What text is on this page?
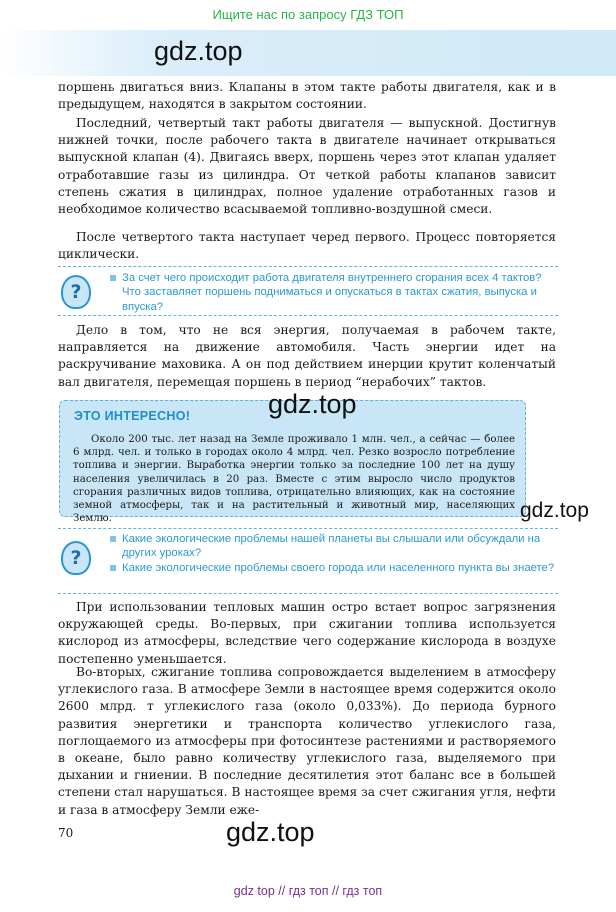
Ищите нас по запросу ГДЗ ТОП
gdz.top

поршень двигаться вниз. Клапаны в этом такте работы двигателя, как и в предыдущем, находятся в закрытом состоянии.

Последний, четвертый такт работы двигателя — выпускной. Достигнув нижней точки, после рабочего такта в двигателе начинает открываться выпускной клапан (4). Двигаясь вверх, поршень через этот клапан удаляет отработавшие газы из цилиндра. От четкой работы клапанов зависит степень сжатия в цилиндрах, полное удаление отработанных газов и необходимое количество всасываемой топливно-воздушной смеси.

После четвертого такта наступает черед первого. Процесс повторяется циклически.

?
За счет чего происходит работа двигателя внутреннего сгорания всех 4 тактов? Что заставляет поршень подниматься и опускаться в тактах сжатия, выпуска и впуска?

Дело в том, что не вся энергия, получаемая в рабочем такте, направляется на движение автомобиля. Часть энергии идет на раскручивание маховика. А он под действием инерции крутит коленчатый вал двигателя, перемещая поршень в период “нерабочих” тактов.

ЭТО ИНТЕРЕСНО!

Около 200 тыс. лет назад на Земле проживало 1 млн. чел., а сейчас — более 6 млрд. чел. и только в городах около 4 млрд. чел. Резко возросло потребление топлива и энергии. Выработка энергии только за последние 100 лет на душу населения увеличилась в 20 раз. Вместе с этим выросло число продуктов сгорания различных видов топлива, отрицательно влияющих, как на состояние земной атмосферы, так и на растительный и животный мир, населяющих Землю.

gdz.top
gdz.top
?
Какие экологические проблемы нашей планеты вы слышали или обсуждали на других уроках?
Какие экологические проблемы своего города или населенного пункта вы знаете?

При использовании тепловых машин остро встает вопрос загрязнения окружающей среды. Во-первых, при сжигании топлива используется кислород из атмосферы, вследствие чего содержание кислорода в воздухе постепенно уменьшается.

Во-вторых, сжигание топлива сопровождается выделением в атмосферу углекислого газа. В атмосфере Земли в настоящее время содержится около 2600 млрд. т углекислого газа (около 0,033%). До периода бурного развития энергетики и транспорта количество углекислого газа, поглощаемого из атмосферы при фотосинтезе растениями и растворяемого в океане, было равно количеству углекислого газа, выделяемого при дыхании и гниении. В последние десятилетия этот баланс все в большей степени стал нарушаться. В настоящее время за счет сжигания угля, нефти и газа в атмосферу Земли еже-

70	gdz.top
gdz top // гдз топ // гдз топ
